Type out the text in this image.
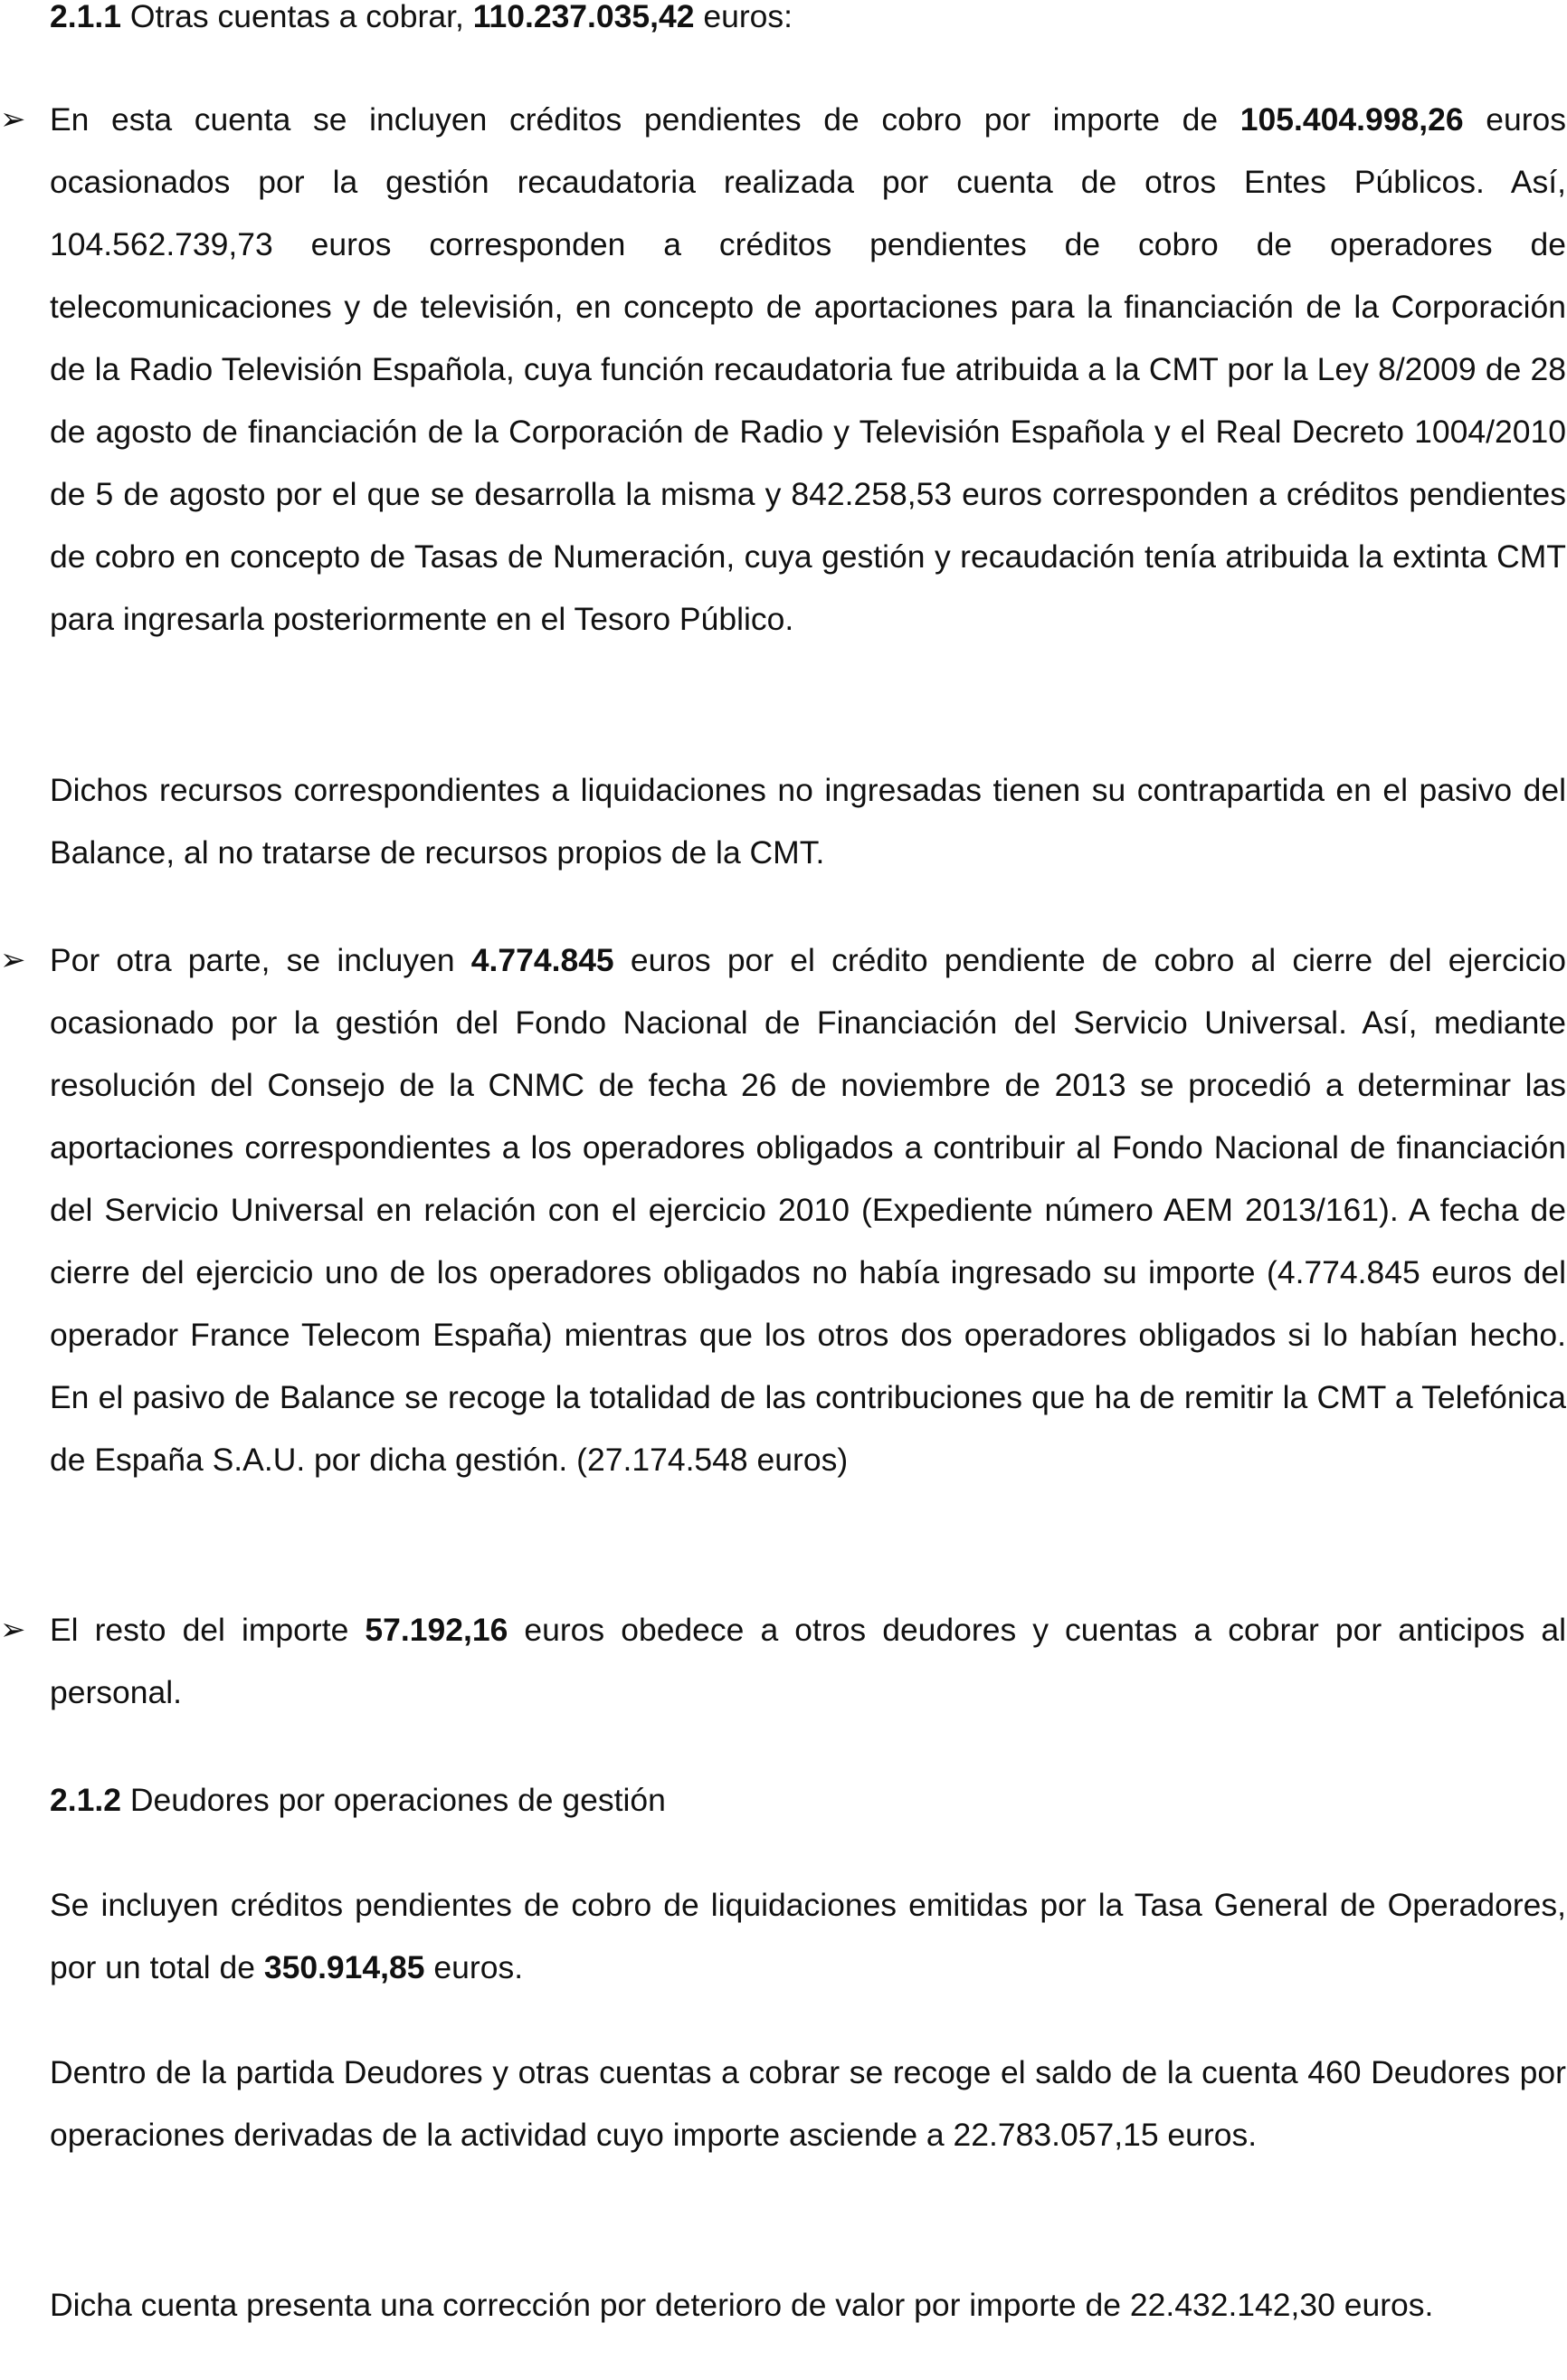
2.1.1 Otras cuentas a cobrar, 110.237.035,42 euros:

➢ En esta cuenta se incluyen créditos pendientes de cobro por importe de 105.404.998,26 euros ocasionados por la gestión recaudatoria realizada por cuenta de otros Entes Públicos. Así, 104.562.739,73 euros corresponden a créditos pendientes de cobro de operadores de telecomunicaciones y de televisión, en concepto de aportaciones para la financiación de la Corporación de la Radio Televisión Española, cuya función recaudatoria fue atribuida a la CMT por la Ley 8/2009 de 28 de agosto de financiación de la Corporación de Radio y Televisión Española y el Real Decreto 1004/2010 de 5 de agosto por el que se desarrolla la misma y 842.258,53 euros corresponden a créditos pendientes de cobro en concepto de Tasas de Numeración, cuya gestión y recaudación tenía atribuida la extinta CMT para ingresarla posteriormente en el Tesoro Público.

Dichos recursos correspondientes a liquidaciones no ingresadas tienen su contrapartida en el pasivo del Balance, al no tratarse de recursos propios de la CMT.

➢ Por otra parte, se incluyen 4.774.845 euros por el crédito pendiente de cobro al cierre del ejercicio ocasionado por la gestión del Fondo Nacional de Financiación del Servicio Universal. Así, mediante resolución del Consejo de la CNMC de fecha 26 de noviembre de 2013 se procedió a determinar las aportaciones correspondientes a los operadores obligados a contribuir al Fondo Nacional de financiación del Servicio Universal en relación con el ejercicio 2010 (Expediente número AEM 2013/161). A fecha de cierre del ejercicio uno de los operadores obligados no había ingresado su importe (4.774.845 euros del operador France Telecom España) mientras que los otros dos operadores obligados si lo habían hecho. En el pasivo de Balance se recoge la totalidad de las contribuciones que ha de remitir la CMT a Telefónica de España S.A.U. por dicha gestión. (27.174.548 euros)

➢ El resto del importe 57.192,16 euros obedece a otros deudores y cuentas a cobrar por anticipos al personal.

2.1.2 Deudores por operaciones de gestión

Se incluyen créditos pendientes de cobro de liquidaciones emitidas por la Tasa General de Operadores, por un total de 350.914,85 euros.

Dentro de la partida Deudores y otras cuentas a cobrar se recoge el saldo de la cuenta 460 Deudores por operaciones derivadas de la actividad cuyo importe asciende a 22.783.057,15 euros.

Dicha cuenta presenta una corrección por deterioro de valor por importe de 22.432.142,30 euros.
